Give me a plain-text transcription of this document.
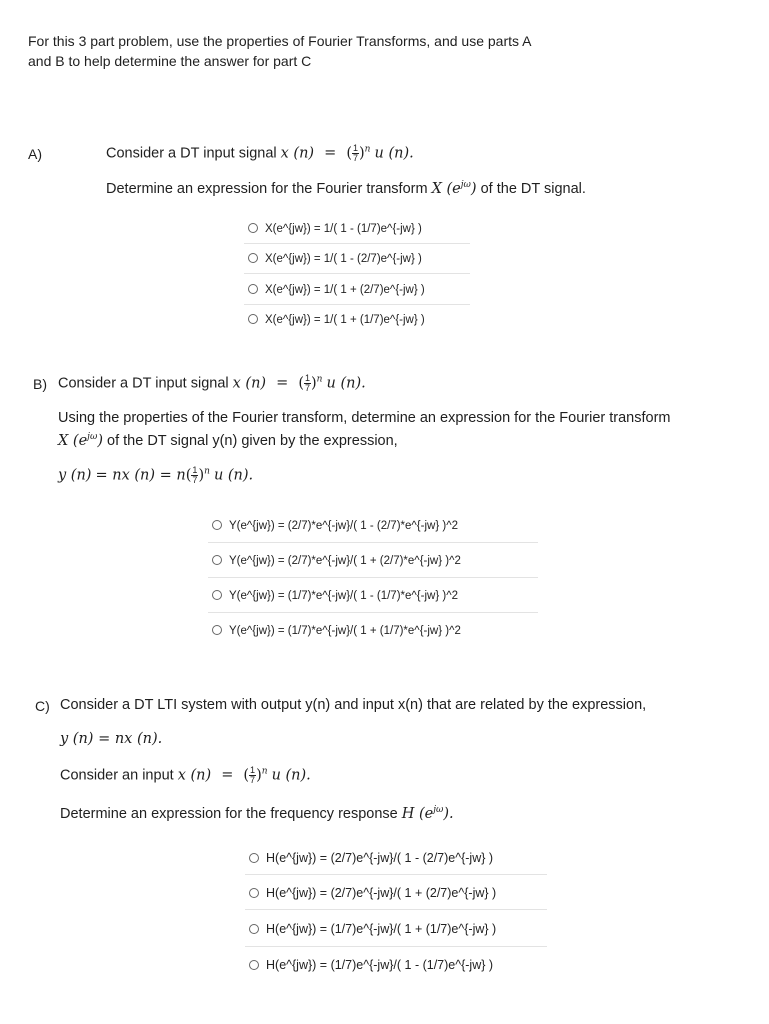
For this 3 part problem, use the properties of Fourier Transforms, and use parts A
and B to help determine the answer for part C
A)	Consider a DT input signal x (n) = ( $\frac{1}{7} )^n$ u (n).
Determine an expression for the Fourier transform X $(e^{j\omega})$ of the DT signal.
X(e^{jw}) = 1/( 1 - (1/7)e^{-jw} )
X(e^{jw}) = 1/( 1 - (2/7)e^{-jw} )
X(e^{jw}) = 1/( 1 + (2/7)e^{-jw} )
X(e^{jw}) = 1/( 1 + (1/7)e^{-jw} )
B) Consider a DT input signal x (n) = ( $\frac{1}{7} )^n$ u (n).
Using the properties of the Fourier transform, determine an expression for the Fourier transform
X $(e^{j\omega})$ of the DT signal y(n) given by the expression,
y (n) = nx $(n) = n( \frac{1}{7} )^n$ u (n).
Y(e^{jw}) = (2/7)*e^{-jw}/( 1 - (2/7)*e^{-jw} )^2
Y(e^{jw}) = (2/7)*e^{-jw}/( 1 + (2/7)*e^{-jw} )^2
Y(e^{jw}) = (1/7)*e^{-jw}/( 1 - (1/7)*e^{-jw} )^2
Y(e^{jw}) = (1/7)*e^{-jw}/( 1 + (1/7)*e^{-jw} )^2
C) Consider a DT LTI system with output y(n) and input x(n) that are related by the expression,
y (n) = nx (n).
Consider an input x (n) = ( $\frac{1}{7} )^n$ u (n).
Determine an expression for the frequency response H $(e^{j\omega})$.
H(e^{jw}) = (2/7)e^{-jw}/( 1 - (2/7)e^{-jw} )
H(e^{jw}) = (2/7)e^{-jw}/( 1 + (2/7)e^{-jw} )
H(e^{jw}) = (1/7)e^{-jw}/( 1 + (1/7)e^{-jw} )
H(e^{jw}) = (1/7)e^{-jw}/( 1 - (1/7)e^{-jw} )
